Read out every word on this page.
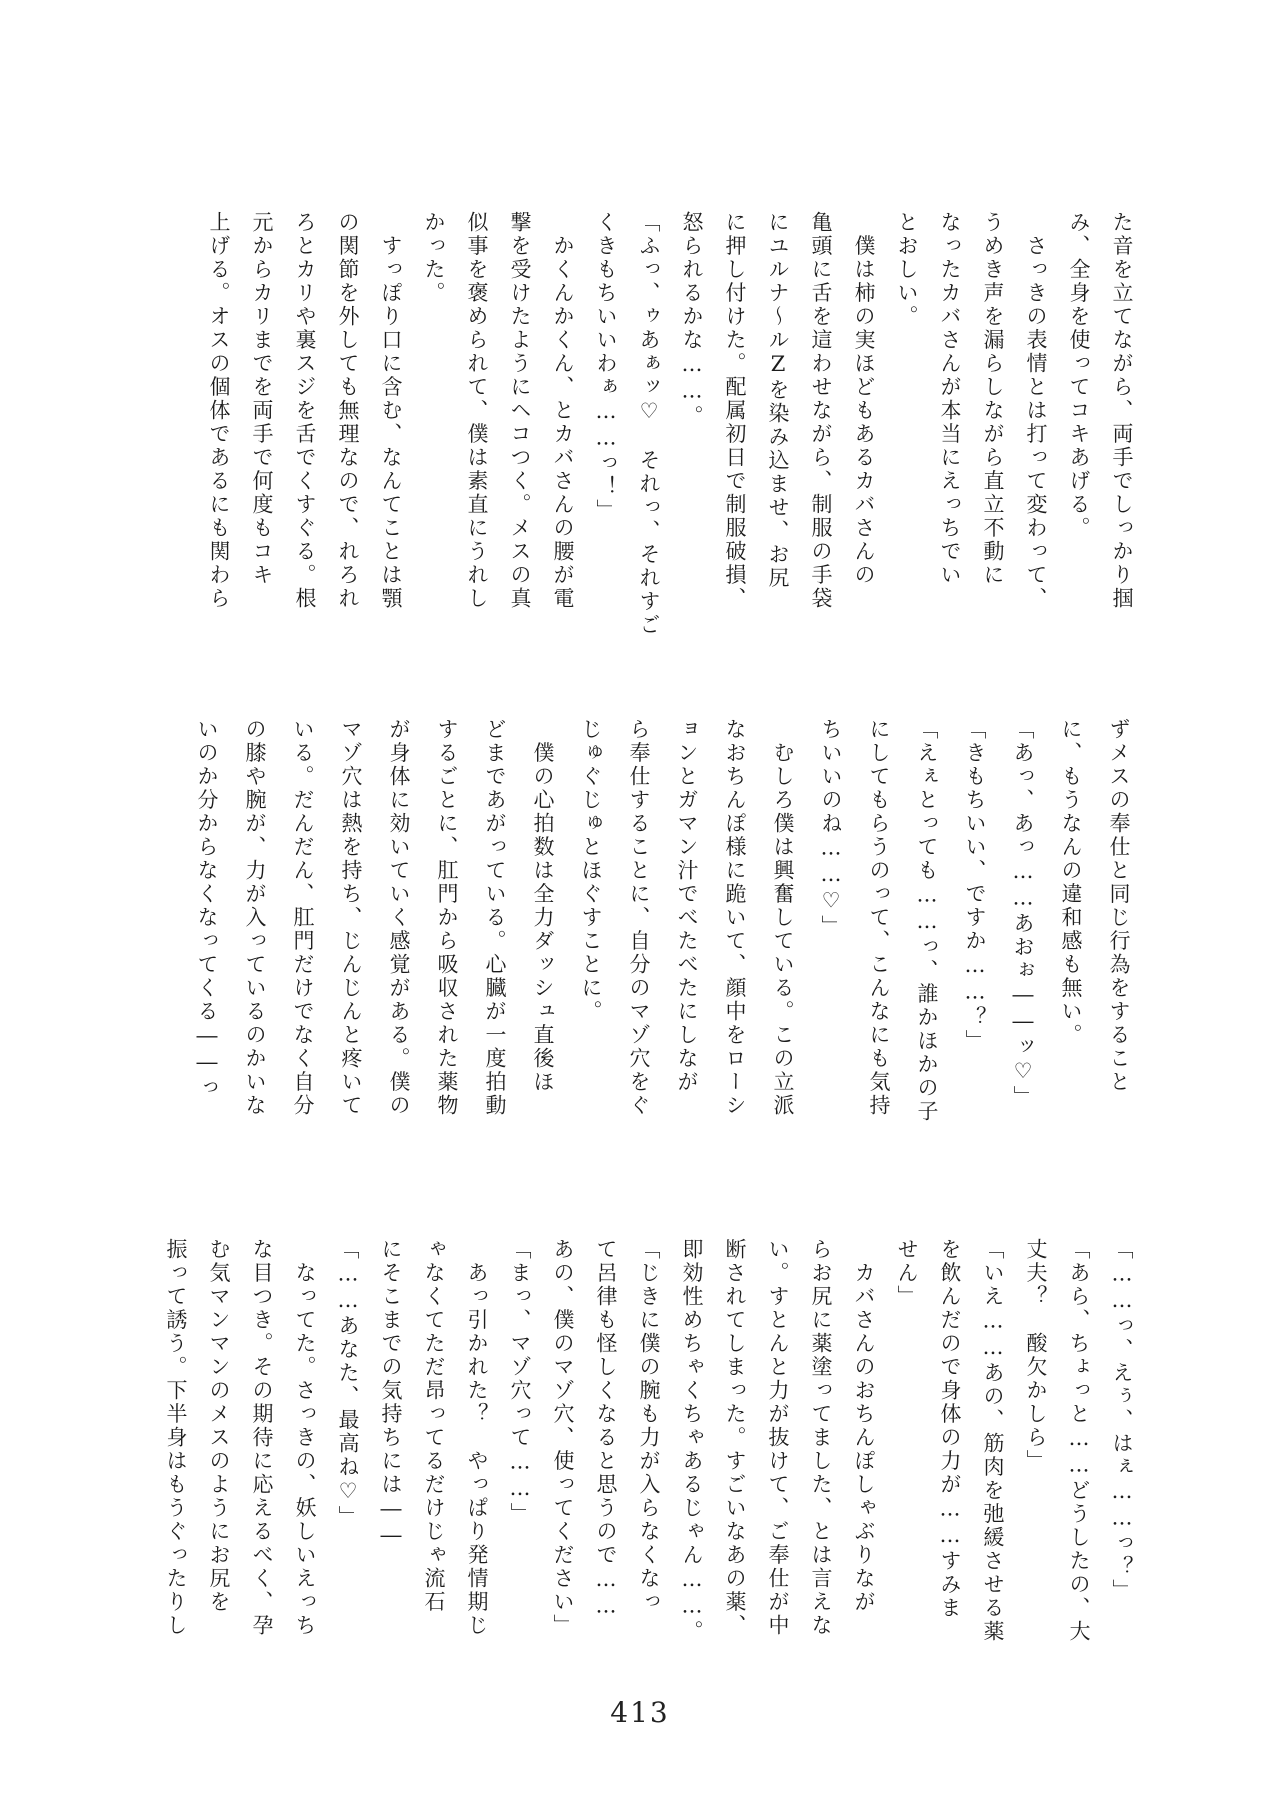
た音を立てながら、両手でしっかり掴
み、全身を使ってコキあげる。
　さっきの表情とは打って変わって、
うめき声を漏らしながら直立不動に
なったカバさんが本当にえっちでい
とおしい。
　僕は柿の実ほどもあるカバさんの
亀頭に舌を這わせながら、制服の手袋
にユルナ〜ルZを染み込ませ、お尻
に押し付けた。配属初日で制服破損、
怒られるかな……。
「ふっ、ゥあぁッ♡　それっ、それすご
くきもちいいわぁ……っ！」
　かくんかくん、とカバさんの腰が電
撃を受けたようにヘコつく。メスの真
似事を褒められて、僕は素直にうれし
かった。
　すっぽり口に含む、なんてことは顎
の関節を外しても無理なので、れろれ
ろとカリや裏スジを舌でくすぐる。根
元からカリまでを両手で何度もコキ
上げる。オスの個体であるにも関わら
ずメスの奉仕と同じ行為をすること
に、もうなんの違和感も無い。
「あっ、あっ……あおぉ――ッ♡」
「きもちいい、ですか……？」
「えぇとっても……っ、誰かほかの子
にしてもらうのって、こんなにも気持
ちいいのね……♡」
　むしろ僕は興奮している。この立派
なおちんぽ様に跪いて、顔中をローシ
ョンとガマン汁でべたべたにしなが
ら奉仕することに、自分のマゾ穴をぐ
じゅぐじゅとほぐすことに。
　僕の心拍数は全力ダッシュ直後ほ
どまであがっている。心臓が一度拍動
するごとに、肛門から吸収された薬物
が身体に効いていく感覚がある。僕の
マゾ穴は熱を持ち、じんじんと疼いて
いる。だんだん、肛門だけでなく自分
の膝や腕が、力が入っているのかいな
いのか分からなくなってくる――っ
「……っ、えぅ、はぇ……っ？」
「あら、ちょっと……どうしたの、大
丈夫？　酸欠かしら」
「いえ……あの、筋肉を弛緩させる薬
を飲んだので身体の力が……すみま
せん」
　カバさんのおちんぽしゃぶりなが
らお尻に薬塗ってました、とは言えな
い。すとんと力が抜けて、ご奉仕が中
断されてしまった。すごいなあの薬、
即効性めちゃくちゃあるじゃん……。
「じきに僕の腕も力が入らなくなっ
て呂律も怪しくなると思うので……
あの、僕のマゾ穴、使ってください」
「まっ、マゾ穴って……」
　あっ引かれた？　やっぱり発情期じ
ゃなくてただ昂ってるだけじゃ流石
にそこまでの気持ちには――
「……あなた、最高ね♡」
　なってた。さっきの、妖しいえっち
な目つき。その期待に応えるべく、孕
む気マンマンのメスのようにお尻を
振って誘う。下半身はもうぐったりし
413
